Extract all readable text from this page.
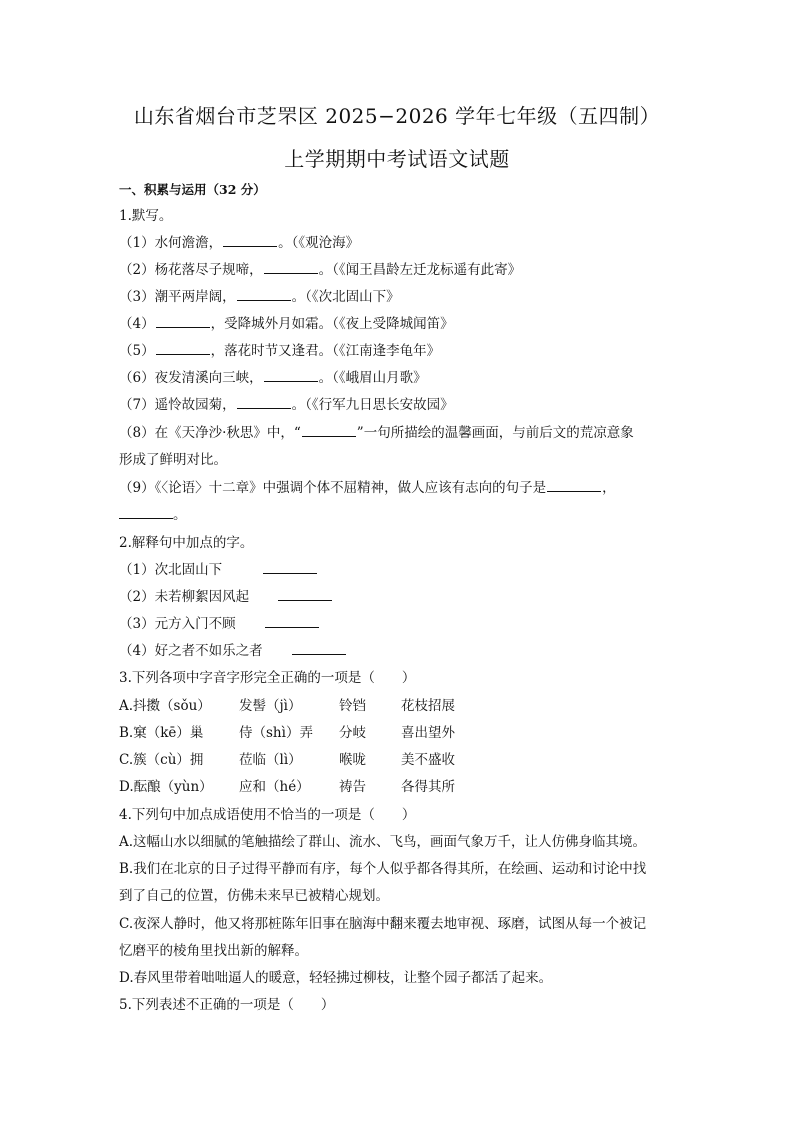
山东省烟台市芝罘区 2025−2026 学年七年级（五四制）
上学期期中考试语文试题
一、积累与运用（32 分）
1.默写。
（1）水何澹澹，	。（《观沧海》
（2）杨花落尽子规啼，	。（《闻王昌龄左迁龙标遥有此寄》
（3）潮平两岸阔，	。（《次北固山下》
（4）	，受降城外月如霜。（《夜上受降城闻笛》
（5）	，落花时节又逢君。（《江南逢李龟年》
（6）夜发清溪向三峡，	。（《峨眉山月歌》
（7）遥怜故园菊，	。（《行军九日思长安故园》
（8）在《天净沙·秋思》中，“	”一句所描绘的温馨画面，与前后文的荒凉意象
形成了鲜明对比。
（9）《〈论语〉十二章》中强调个体不屈精神，做人应该有志向的句子是	，
。
2.解释句中加点的字。
（1）次北固山下
（2）未若柳絮因风起
（3）元方入门不顾
（4）好之者不如乐之者
3.下列各项中字音字形完全正确的一项是（　　）
A.抖擞（sǒu） 发髻（jì）	铃铛	花枝招展
B.窠（kē）巢	侍（shì）弄 分岐	喜出望外
C.簇（cù）拥	莅临（lì）	喉咙	美不盛收
D.酝酿（yùn） 应和（hé） 祷告	各得其所
4.下列句中加点成语使用不恰当的一项是（　　）
A.这幅山水以细腻的笔触描绘了群山、流水、飞鸟，画面气象万千，让人仿佛身临其境。
B.我们在北京的日子过得平静而有序，每个人似乎都各得其所，在绘画、运动和讨论中找
到了自己的位置，仿佛未来早已被精心规划。
C.夜深人静时，他又将那桩陈年旧事在脑海中翻来覆去地审视、琢磨，试图从每一个被记
忆磨平的棱角里找出新的解释。
D.春风里带着咄咄逼人的暖意，轻轻拂过柳枝，让整个园子都活了起来。
5.下列表述不正确的一项是（　　）
